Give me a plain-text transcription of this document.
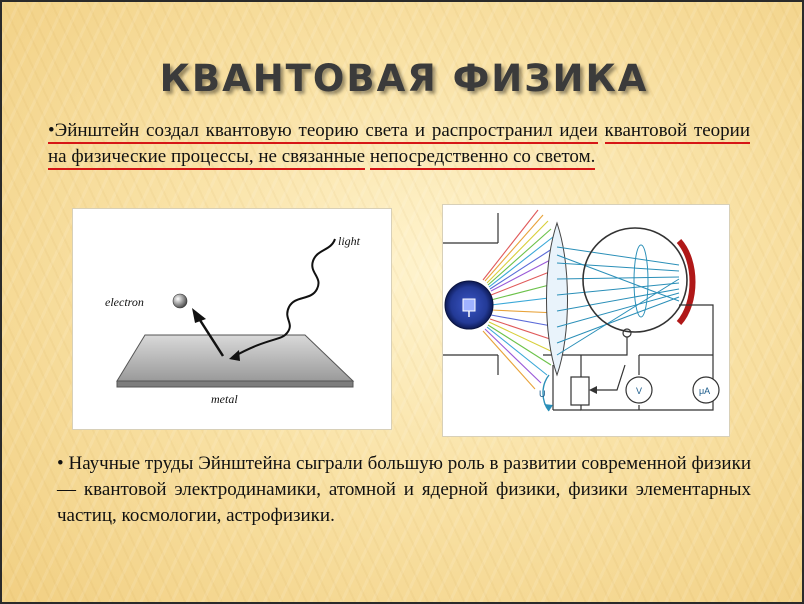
КВАНТОВАЯ ФИЗИКА

•Эйнштейн создал квантовую теорию света и распространил идеи квантовой теории на физические процессы, не связанные непосредственно со светом.

light
electron
metal	U	V	μA

• Научные труды Эйнштейна сыграли большую роль в развитии современной физики — квантовой электродинамики, атомной и ядерной физики, физики элементарных частиц, космологии, астрофизики.
